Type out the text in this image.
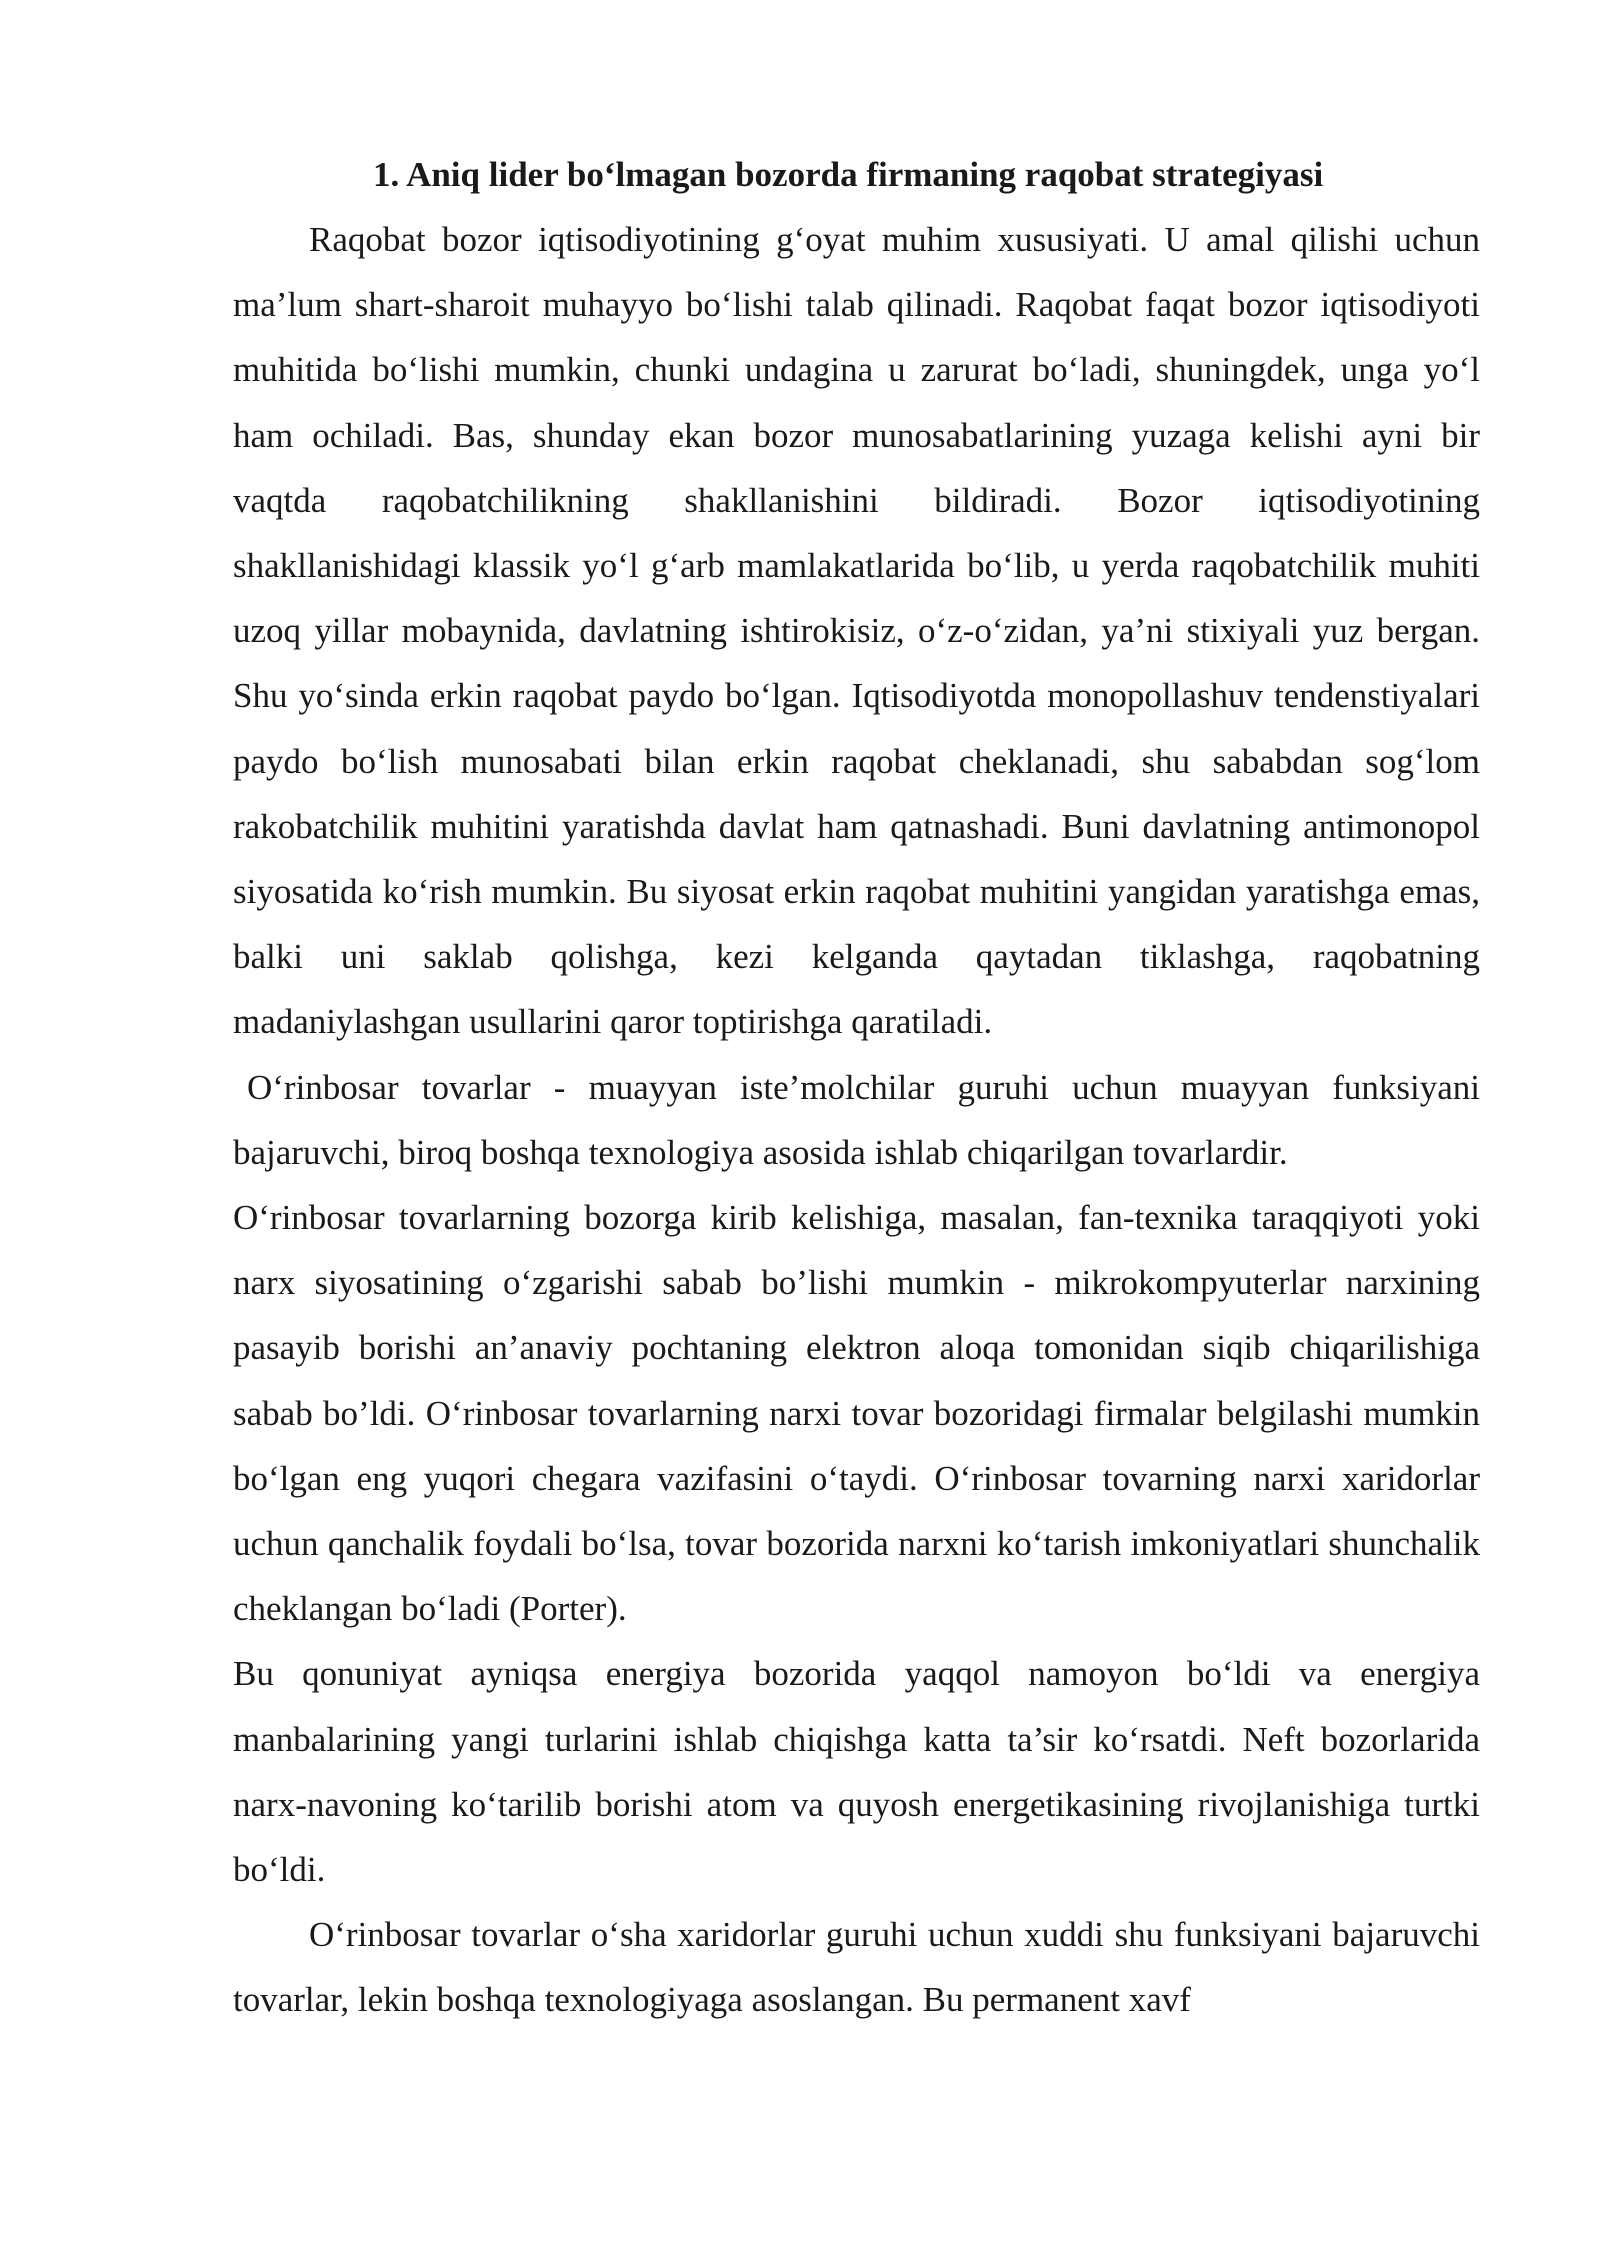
1. Aniq lider boʻlmagan bozorda firmaning raqobat strategiyasi

Raqobat bozor iqtisodiyotining gʻoyat muhim xususiyati. U amal qilishi uchun ma’lum shart-sharoit muhayyo boʻlishi talab qilinadi. Raqobat faqat bozor iqtisodiyoti muhitida boʻlishi mumkin, chunki undagina u zarurat boʻladi, shuningdek, unga yoʻl ham ochiladi. Bas, shunday ekan bozor munosabatlarining yuzaga kelishi ayni bir vaqtda raqobatchilikning shakllanishini bildiradi. Bozor iqtisodiyotining shakllanishidagi klassik yoʻl gʻarb mamlakatlarida boʻlib, u yerda raqobatchilik muhiti uzoq yillar mobaynida, davlatning ishtirokisiz, oʻz-oʻzidan, ya’ni stixiyali yuz bergan. Shu yoʻsinda erkin raqobat paydo boʻlgan. Iqtisodiyotda monopollashuv tendenstiyalari paydo boʻlish munosabati bilan erkin raqobat cheklanadi, shu sababdan sogʻlom rakobatchilik muhitini yaratishda davlat ham qatnashadi. Buni davlatning antimonopol siyosatida koʻrish mumkin. Bu siyosat erkin raqobat muhitini yangidan yaratishga emas, balki uni saklab qolishga, kezi kelganda qaytadan tiklashga, raqobatning madaniylashgan usullarini qaror toptirishga qaratiladi.

Oʻrinbosar tovarlar - muayyan iste’molchilar guruhi uchun muayyan funksiyani bajaruvchi, biroq boshqa texnologiya asosida ishlab chiqarilgan tovarlardir.

Oʻrinbosar tovarlarning bozorga kirib kelishiga, masalan, fan-texnika taraqqiyoti yoki narx siyosatining oʻzgarishi sabab bo’lishi mumkin - mikrokompyuterlar narxining pasayib borishi an’anaviy pochtaning elektron aloqa tomonidan siqib chiqarilishiga sabab bo’ldi. Oʻrinbosar tovarlarning narxi tovar bozoridagi firmalar belgilashi mumkin boʻlgan eng yuqori chegara vazifasini oʻtaydi. Oʻrinbosar tovarning narxi xaridorlar uchun qanchalik foydali boʻlsa, tovar bozorida narxni koʻtarish imkoniyatlari shunchalik cheklangan boʻladi (Porter).

Bu qonuniyat ayniqsa energiya bozorida yaqqol namoyon boʻldi va energiya manbalarining yangi turlarini ishlab chiqishga katta ta’sir koʻrsatdi. Neft bozorlarida narx-navoning koʻtarilib borishi atom va quyosh energetikasining rivojlanishiga turtki boʻldi.

Oʻrinbosar tovarlar oʻsha xaridorlar guruhi uchun xuddi shu funksiyani bajaruvchi tovarlar, lekin boshqa texnologiyaga asoslangan. Bu permanent xavf
